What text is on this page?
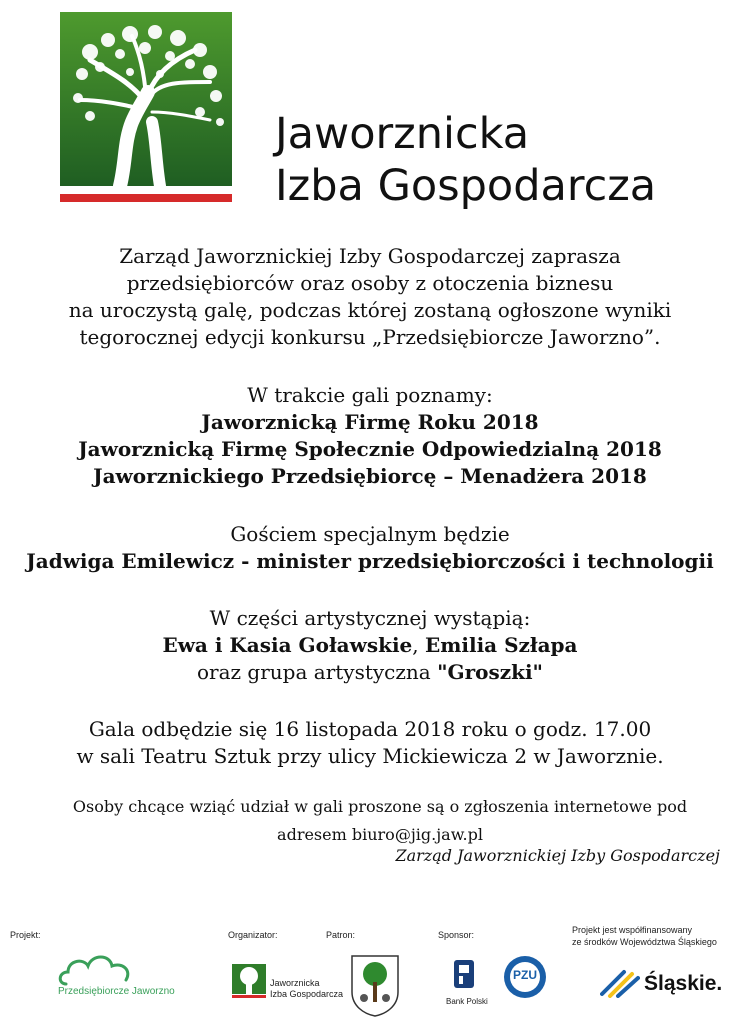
Jaworznicka
Izba Gospodarcza
Zarząd Jaworznickiej Izby Gospodarczej zaprasza
przedsiębiorców oraz osoby z otoczenia biznesu
na uroczystą galę, podczas której zostaną ogłoszone wyniki
tegorocznej edycji konkursu „Przedsiębiorcze Jaworzno”.
W trakcie gali poznamy:
Jaworznicką Firmę Roku 2018
Jaworznicką Firmę Społecznie Odpowiedzialną 2018
Jaworznickiego Przedsiębiorcę – Menadżera 2018
Gościem specjalnym będzie
Jadwiga Emilewicz - minister przedsiębiorczości i technologii
W części artystycznej wystąpią:
Ewa i Kasia Goławskie, Emilia Szłapa
oraz grupa artystyczna "Groszki"
Gala odbędzie się 16 listopada 2018 roku o godz. 17.00
w sali Teatru Sztuk przy ulicy Mickiewicza 2 w Jaworznie.
Osoby chcące wziąć udział w gali proszone są o zgłoszenia internetowe pod
adresem biuro@jig.jaw.pl
Zarząd Jaworznickiej Izby Gospodarczej
Projekt:
Przedsiębiorcze Jaworzno
Organizator:
Jaworznicka
Izba Gospodarcza
Patron:	Sponsor:
Bank Polski
PZU
Projekt jest współfinansowany
ze środków Województwa Śląskiego
Śląskie.
